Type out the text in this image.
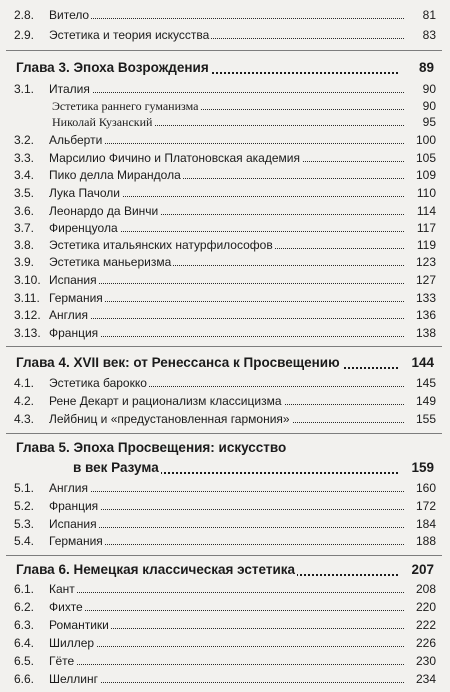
2.8. Вителo	81
2.9. Эстетика и теория искусства	83
Глава 3. Эпоха Возрождения	89
3.1. Италия	90
Эстетика раннего гуманизма	90
Николай Кузанский	95
3.2. Альберти	100
3.3. Марсилио Фичино и Платоновская академия	105
3.4. Пико делла Мирандола	109
3.5. Лука Пачоли	110
3.6. Леонардо да Винчи	114
3.7. Фиренцуола	117
3.8. Эстетика итальянских натурфилософов	119
3.9. Эстетика маньеризма	123
3.10. Испания	127
3.11. Германия	133
3.12. Англия	136
3.13. Франция	138
Глава 4. XVII век: от Ренессанса к Просвещению	144
4.1. Эстетика барокко	145
4.2. Рене Декарт и рационализм классицизма	149
4.3. Лейбниц и «предустановленная гармония»	155
Глава 5. Эпоха Просвещения: искусство
в век Разума	159
5.1. Англия	160
5.2. Франция	172
5.3. Испания	184
5.4. Германия	188
Глава 6. Немецкая классическая эстетика	207
6.1. Кант	208
6.2. Фихте	220
6.3. Романтики	222
6.4. Шиллер	226
6.5. Гёте	230
6.6. Шеллинг	234
